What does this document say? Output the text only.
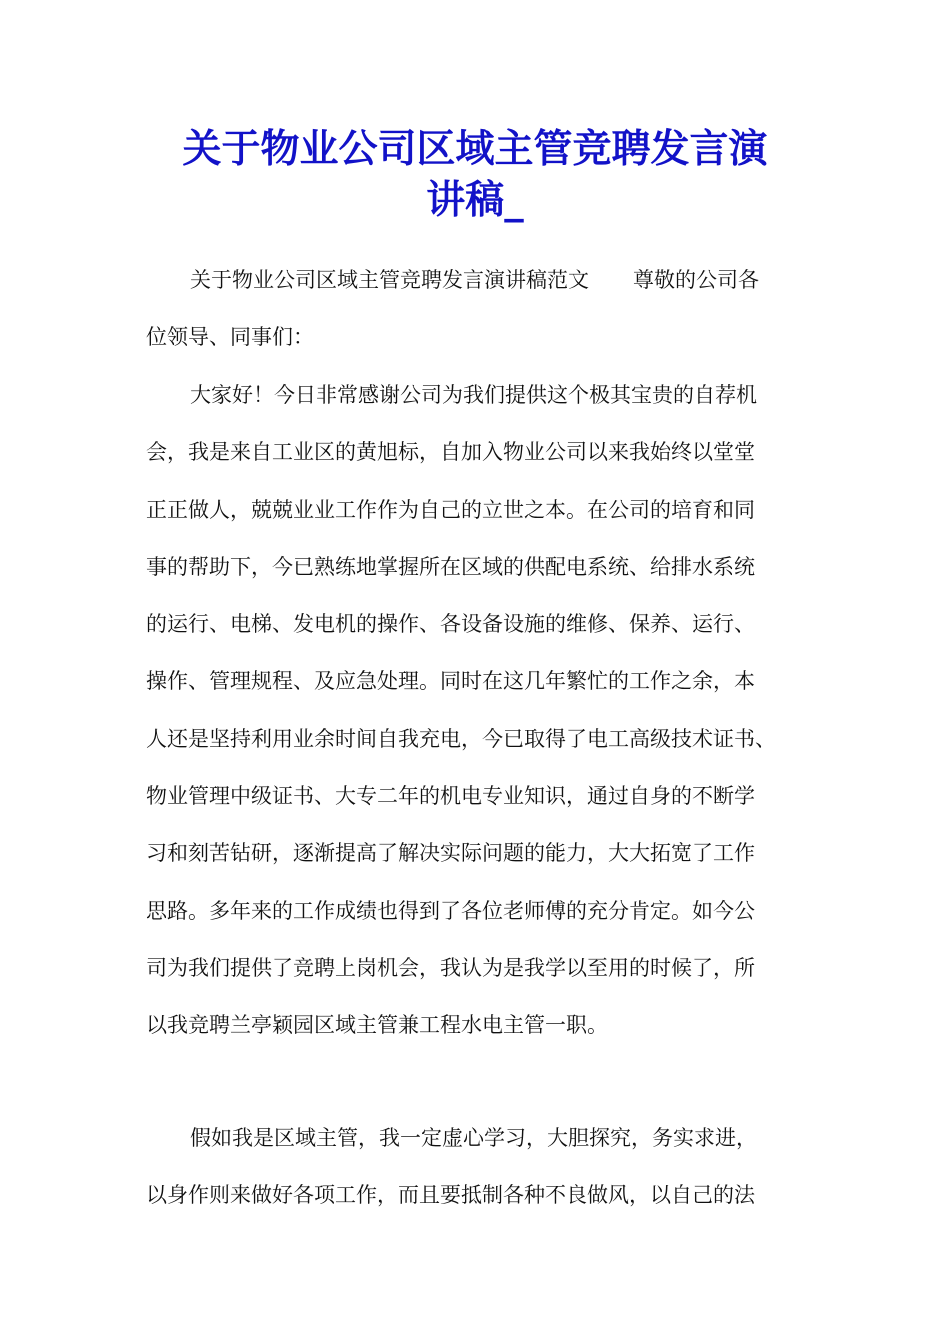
关于物业公司区域主管竞聘发言演
讲稿_
关于物业公司区域主管竞聘发言演讲稿范文 尊敬的公司各
位领导、同事们：
大家好！今日非常感谢公司为我们提供这个极其宝贵的自荐机
会，我是来自工业区的黄旭标，自加入物业公司以来我始终以堂堂
正正做人，兢兢业业工作作为自己的立世之本。在公司的培育和同
事的帮助下，今已熟练地掌握所在区域的供配电系统、给排水系统
的运行、电梯、发电机的操作、各设备设施的维修、保养、运行、
操作、管理规程、及应急处理。同时在这几年繁忙的工作之余，本
人还是坚持利用业余时间自我充电，今已取得了电工高级技术证书、
物业管理中级证书、大专二年的机电专业知识，通过自身的不断学
习和刻苦钻研，逐渐提高了解决实际问题的能力，大大拓宽了工作
思路。多年来的工作成绩也得到了各位老师傅的充分肯定。如今公
司为我们提供了竞聘上岗机会，我认为是我学以至用的时候了，所
以我竞聘兰亭颖园区域主管兼工程水电主管一职。
假如我是区域主管，我一定虚心学习，大胆探究，务实求进，
以身作则来做好各项工作，而且要抵制各种不良做风，以自己的法
